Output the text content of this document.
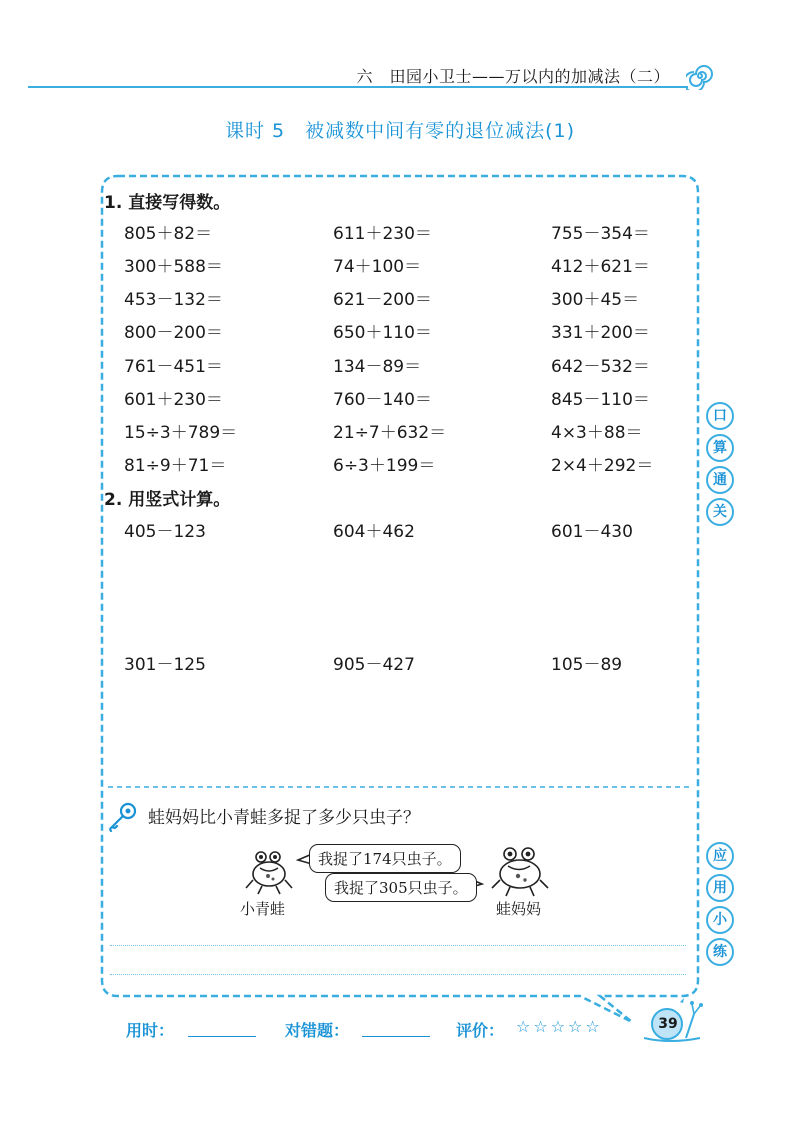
六　田园小卫士——万以内的加减法（二）
课时 5　被减数中间有零的退位减法(1)
1. 直接写得数。
805＋82＝	611＋230＝	755－354＝
300＋588＝	74＋100＝	412＋621＝
453－132＝	621－200＝	300＋45＝
800－200＝	650＋110＝	331＋200＝
761－451＝	134－89＝	642－532＝
601＋230＝	760－140＝	845－110＝
15÷3＋789＝	21÷7＋632＝	4×3＋88＝
81÷9＋71＝	6÷3＋199＝	2×4＋292＝
2. 用竖式计算。
405－123	604＋462	601－430
301－125	905－427	105－89
口
算
通
关
应
用
小
练
蛙妈妈比小青蛙多捉了多少只虫子？
小青蛙
我捉了174只虫子。
我捉了305只虫子。
蛙妈妈
用时：	对错题：	评价： ☆☆☆☆☆	39
